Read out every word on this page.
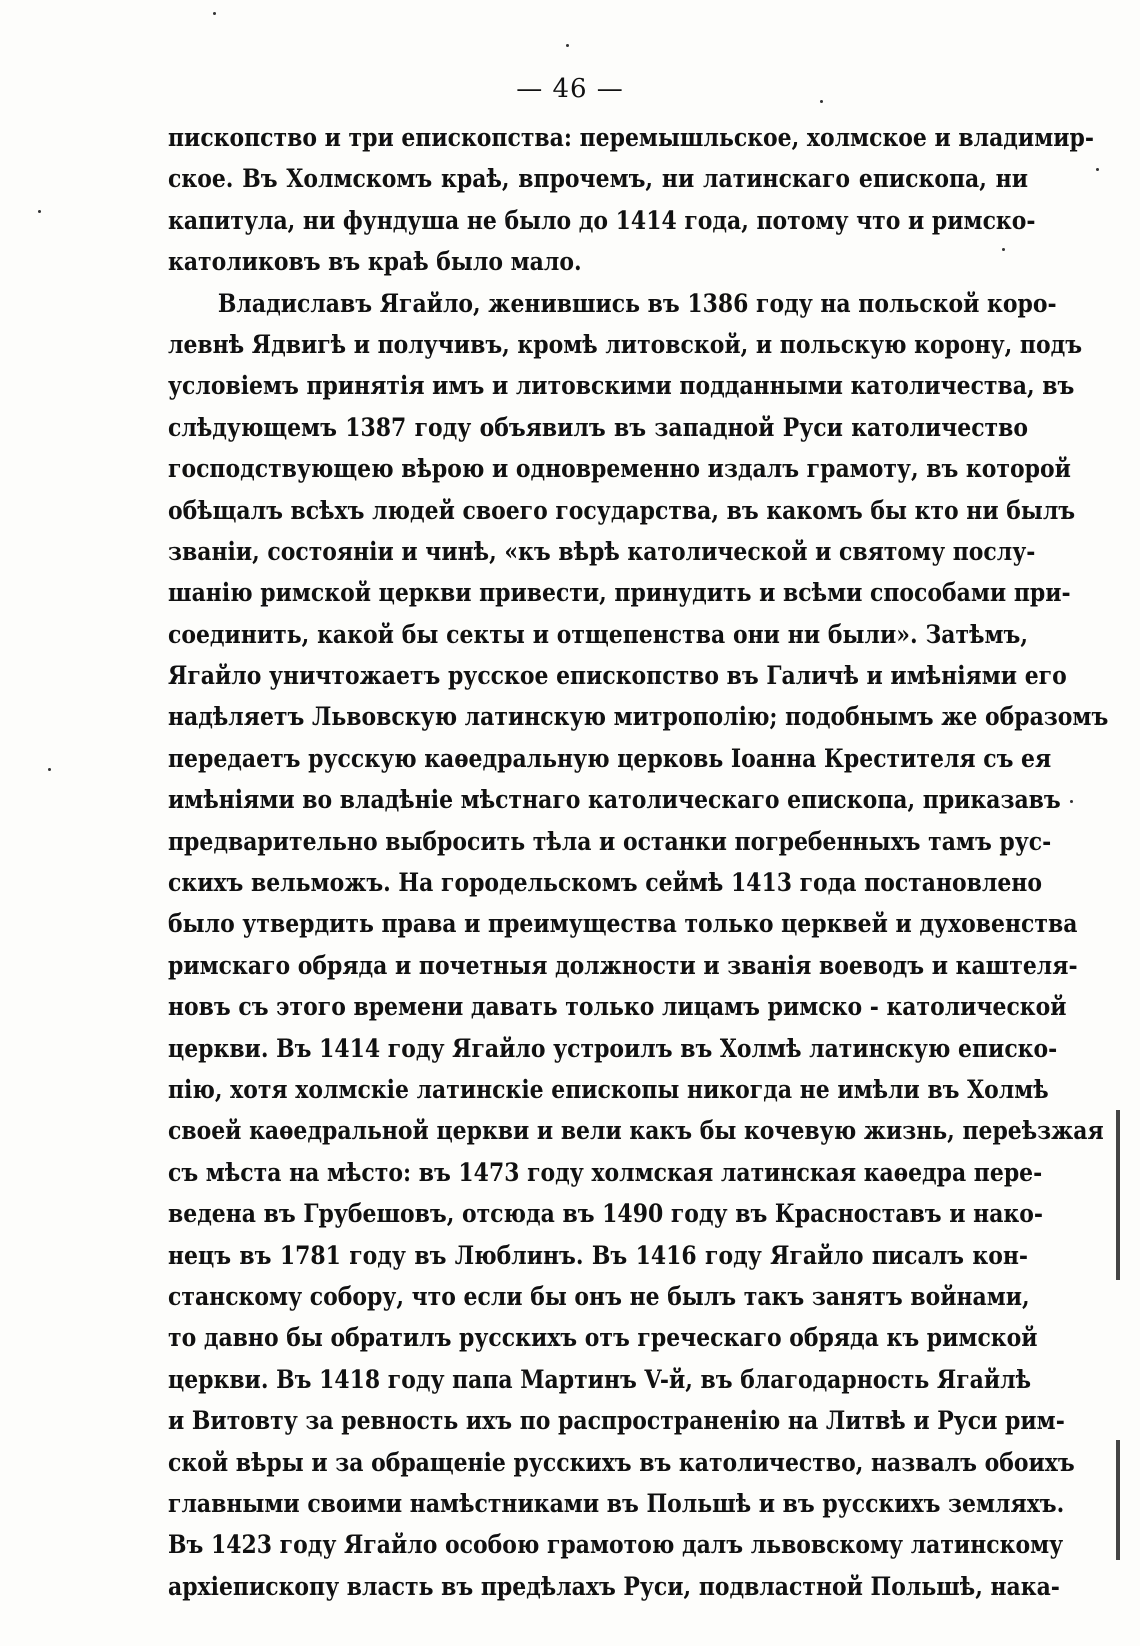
— 46 —
пископство и три епископства: перемышльское, холмское и владимир-
ское. Въ Холмскомъ краѣ, впрочемъ, ни латинскаго епископа, ни
капитула, ни фундуша не было до 1414 года, потому что и римско-
католиковъ въ краѣ было мало.
Владиславъ Ягайло, женившись въ 1386 году на польской коро-
левнѣ Ядвигѣ и получивъ, кромѣ литовской, и польскую корону, подъ
условіемъ принятія имъ и литовскими подданными католичества, въ
слѣдующемъ 1387 году объявилъ въ западной Руси католичество
господствующею вѣрою и одновременно издалъ грамоту, въ которой
обѣщалъ всѣхъ людей своего государства, въ какомъ бы кто ни былъ
званіи, состояніи и чинѣ, «къ вѣрѣ католической и святому послу-
шанію римской церкви привести, принудить и всѣми способами при-
соединить, какой бы секты и отщепенства они ни были». Затѣмъ,
Ягайло уничтожаетъ русское епископство въ Галичѣ и имѣніями его
надѣляетъ Львовскую латинскую митрополію; подобнымъ же образомъ
передаетъ русскую каѳедральную церковь Іоанна Крестителя съ ея
имѣніями во владѣніе мѣстнаго католическаго епископа, приказавъ
предварительно выбросить тѣла и останки погребенныхъ тамъ рус-
скихъ вельможъ. На городельскомъ сеймѣ 1413 года постановлено
было утвердить права и преимущества только церквей и духовенства
римскаго обряда и почетныя должности и званія воеводъ и каштеля-
новъ съ этого времени давать только лицамъ римско - католической
церкви. Въ 1414 году Ягайло устроилъ въ Холмѣ латинскую еписко-
пію, хотя холмскіе латинскіе епископы никогда не имѣли въ Холмѣ
своей каѳедральной церкви и вели какъ бы кочевую жизнь, переѣзжая
съ мѣста на мѣсто: въ 1473 году холмская латинская каѳедра пере-
ведена въ Грубешовъ, отсюда въ 1490 году въ Красноставъ и нако-
нецъ въ 1781 году въ Люблинъ. Въ 1416 году Ягайло писалъ кон-
станскому собору, что если бы онъ не былъ такъ занятъ войнами,
то давно бы обратилъ русскихъ отъ греческаго обряда къ римской
церкви. Въ 1418 году папа Мартинъ V-й, въ благодарность Ягайлѣ
и Витовту за ревность ихъ по распространенію на Литвѣ и Руси рим-
ской вѣры и за обращеніе русскихъ въ католичество, назвалъ обоихъ
главными своими намѣстниками въ Польшѣ и въ русскихъ земляхъ.
Въ 1423 году Ягайло особою грамотою далъ львовскому латинскому
архіепископу власть въ предѣлахъ Руси, подвластной Польшѣ, нака-
